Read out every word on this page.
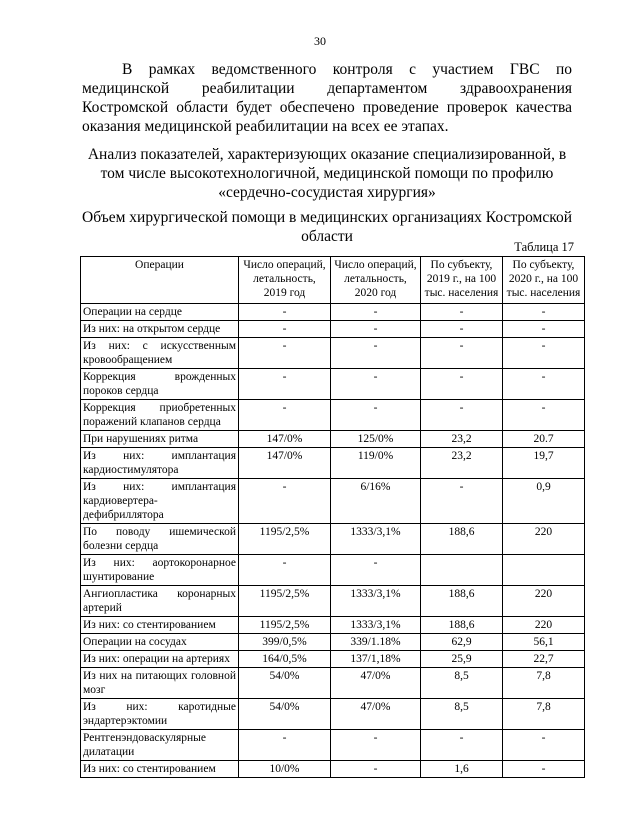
30

В рамках ведомственного контроля с участием ГВС по медицинской реабилитации департаментом здравоохранения Костромской области будет обеспечено проведение проверок качества оказания медицинской реабилитации на всех ее этапах.

Анализ показателей, характеризующих оказание специализированной, в том числе высокотехнологичной, медицинской помощи по профилю «сердечно-сосудистая хирургия»

Объем хирургической помощи в медицинских организациях Костромской области

Таблица 17
Операции	Число операций, летальность, 2019 год	Число операций, летальность, 2020 год	По субъекту, 2019 г., на 100 тыс. населения	По субъекту, 2020 г., на 100 тыс. населения
Операции на сердце	-	-	-	-
Из них: на открытом сердце	-	-	-	-
Из них: с искусственным кровообращением	-	-	-	-
Коррекция врожденных пороков сердца	-	-	-	-
Коррекция приобретенных поражений клапанов сердца	-	-	-	-
При нарушениях ритма	147/0%	125/0%	23,2	20.7
Из них: имплантация кардиостимулятора	147/0%	119/0%	23,2	19,7
Из них: имплантация кардиовертера-дефибриллятора	-	6/16%	-	0,9
По поводу ишемической болезни сердца	1195/2,5%	1333/3,1%	188,6	220
Из них: аортокоронарное шунтирование	-	-		
Ангиопластика коронарных артерий	1195/2,5%	1333/3,1%	188,6	220
Из них: со стентированием	1195/2,5%	1333/3,1%	188,6	220
Операции на сосудах	399/0,5%	339/1.18%	62,9	56,1
Из них: операции на артериях	164/0,5%	137/1,18%	25,9	22,7
Из них на питающих головной мозг	54/0%	47/0%	8,5	7,8
Из них: каротидные эндартерэктомии	54/0%	47/0%	8,5	7,8
Рентгенэндоваскулярные дилатации	-	-	-	-
Из них: со стентированием	10/0%	-	1,6	-
